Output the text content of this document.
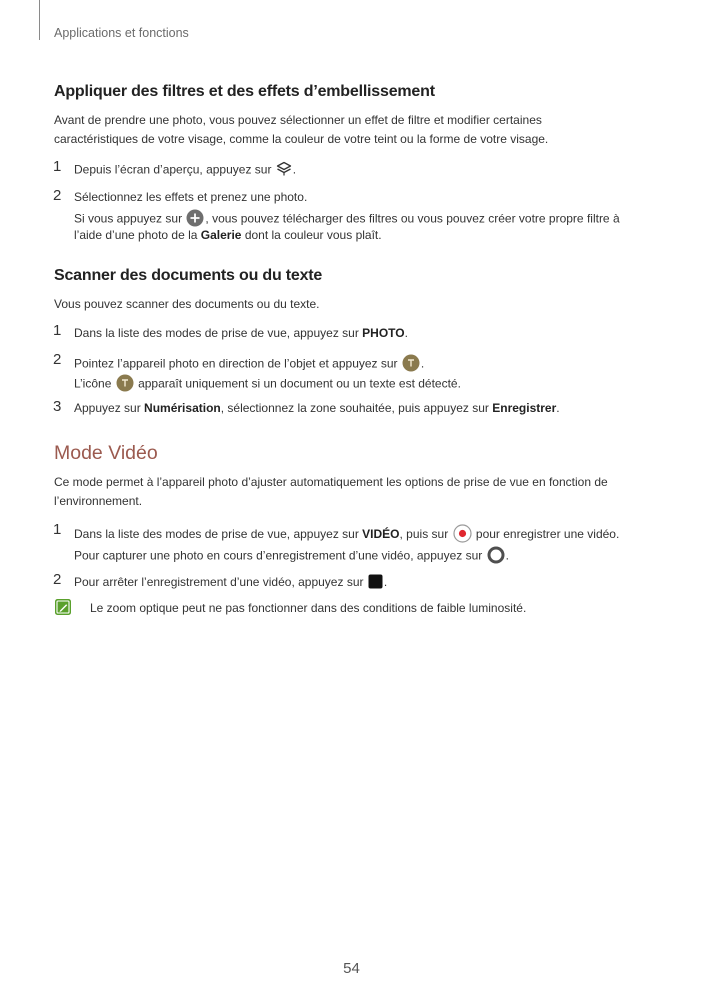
Applications et fonctions
Appliquer des filtres et des effets d’embellissement
Avant de prendre une photo, vous pouvez sélectionner un effet de filtre et modifier certaines
caractéristiques de votre visage, comme la couleur de votre teint ou la forme de votre visage.
1 Depuis l’écran d’aperçu, appuyez sur .
2 Sélectionnez les effets et prenez une photo.
Si vous appuyez sur , vous pouvez télécharger des filtres ou vous pouvez créer votre propre filtre à
l’aide d’une photo de la Galerie dont la couleur vous plaît.
Scanner des documents ou du texte
Vous pouvez scanner des documents ou du texte.
1 Dans la liste des modes de prise de vue, appuyez sur PHOTO.
2 Pointez l’appareil photo en direction de l’objet et appuyez sur .
L’icône apparaît uniquement si un document ou un texte est détecté.
3 Appuyez sur Numérisation, sélectionnez la zone souhaitée, puis appuyez sur Enregistrer.
Mode Vidéo
Ce mode permet à l’appareil photo d’ajuster automatiquement les options de prise de vue en fonction de
l’environnement.
1 Dans la liste des modes de prise de vue, appuyez sur VIDÉO, puis sur pour enregistrer une vidéo.
Pour capturer une photo en cours d’enregistrement d’une vidéo, appuyez sur .
2 Pour arrêter l’enregistrement d’une vidéo, appuyez sur .
Le zoom optique peut ne pas fonctionner dans des conditions de faible luminosité.
54
